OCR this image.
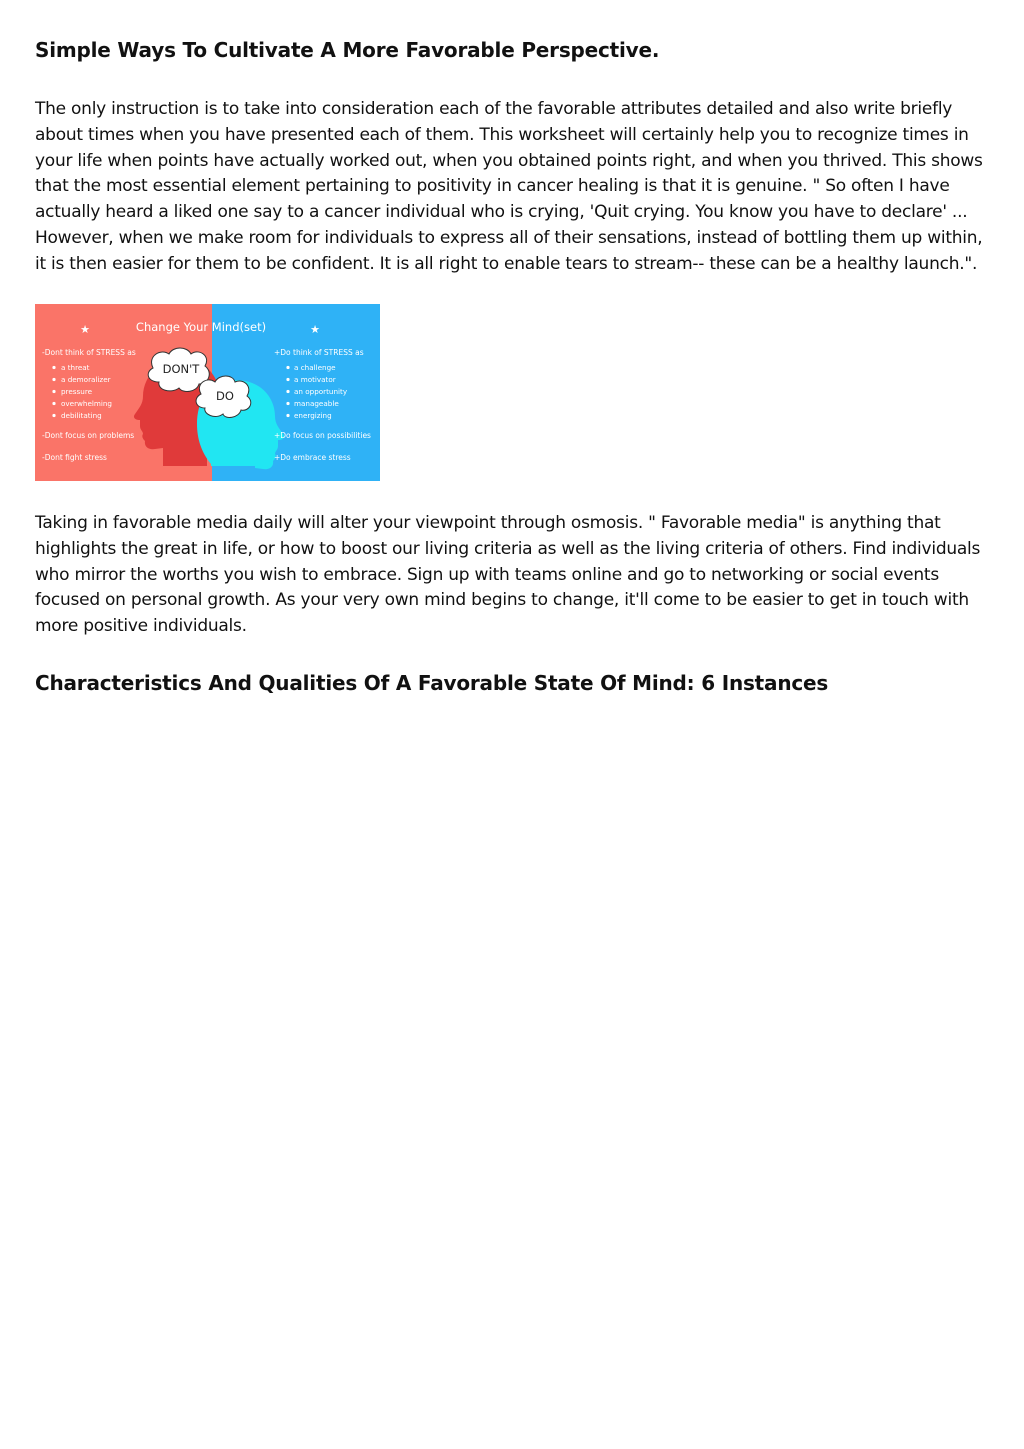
Simple Ways To Cultivate A More Favorable Perspective.

The only instruction is to take into consideration each of the favorable attributes detailed and also write briefly about times when you have presented each of them. This worksheet will certainly help you to recognize times in your life when points have actually worked out, when you obtained points right, and when you thrived. This shows that the most essential element pertaining to positivity in cancer healing is that it is genuine. " So often I have actually heard a liked one say to a cancer individual who is crying, 'Quit crying. You know you have to declare' ... However, when we make room for individuals to express all of their sensations, instead of bottling them up within, it is then easier for them to be confident. It is all right to enable tears to stream-- these can be a healthy launch.".

★	★
Change Your Mind(set)
DON'T
DO
-Dont think of STRESS as
a threat
a demoralizer
pressure
overwhelming
debilitating
-Dont focus on problems
-Dont fight stress
+Do think of STRESS as
a challenge
a motivator
an opportunity
manageable
energizing
+Do focus on possibilities
+Do embrace stress

Taking in favorable media daily will alter your viewpoint through osmosis. " Favorable media" is anything that highlights the great in life, or how to boost our living criteria as well as the living criteria of others. Find individuals who mirror the worths you wish to embrace. Sign up with teams online and go to networking or social events focused on personal growth. As your very own mind begins to change, it'll come to be easier to get in touch with more positive individuals.

Characteristics And Qualities Of A Favorable State Of Mind: 6 Instances
